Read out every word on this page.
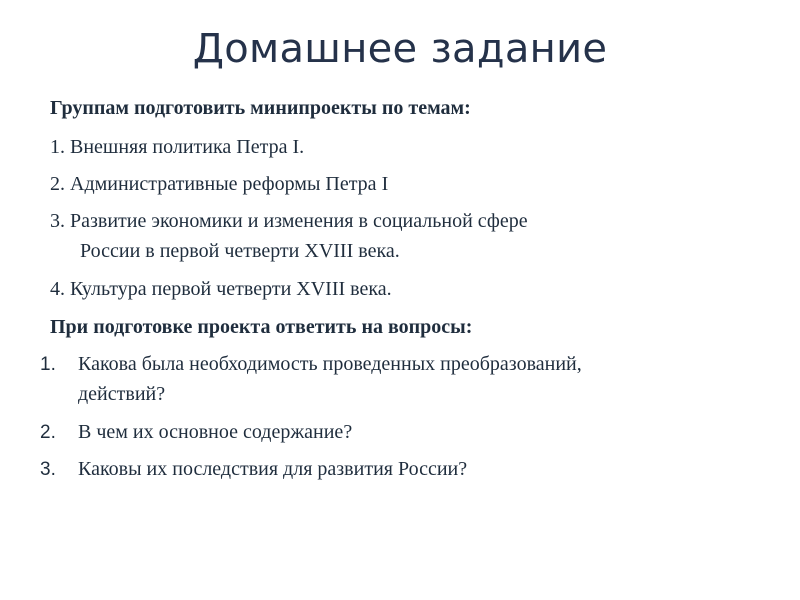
Домашнее задание
Группам подготовить минипроекты по темам:
1. Внешняя политика Петра I.
2. Административные реформы Петра I
3. Развитие экономики и изменения в социальной сфере
России в первой четверти XVIII века.
4. Культура первой четверти XVIII века.
При подготовке проекта ответить на вопросы:
1. Какова была необходимость проведенных преобразований,
действий?
2. В чем их основное содержание?
3. Каковы их последствия для развития России?
